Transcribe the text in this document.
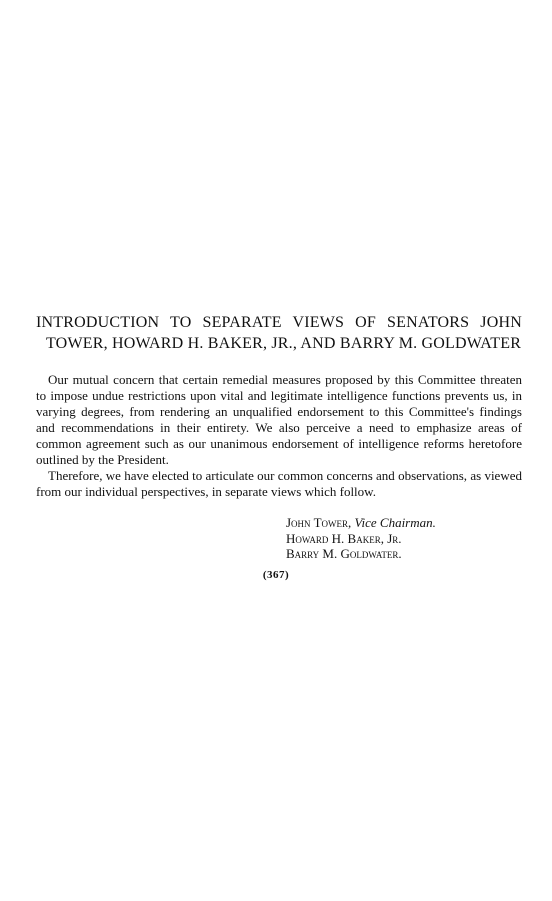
INTRODUCTION TO SEPARATE VIEWS OF SENATORS JOHN TOWER, HOWARD H. BAKER, JR., AND BARRY M. GOLDWATER

Our mutual concern that certain remedial measures proposed by this Committee threaten to impose undue restrictions upon vital and legitimate intelligence functions prevents us, in varying degrees, from rendering an unqualified endorsement to this Committee's findings and recommendations in their entirety. We also perceive a need to emphasize areas of common agreement such as our unanimous endorsement of intelligence reforms heretofore outlined by the President.

Therefore, we have elected to articulate our common concerns and observations, as viewed from our individual perspectives, in separate views which follow.

John Tower, Vice Chairman.
Howard H. Baker, Jr.
Barry M. Goldwater.
(367)
